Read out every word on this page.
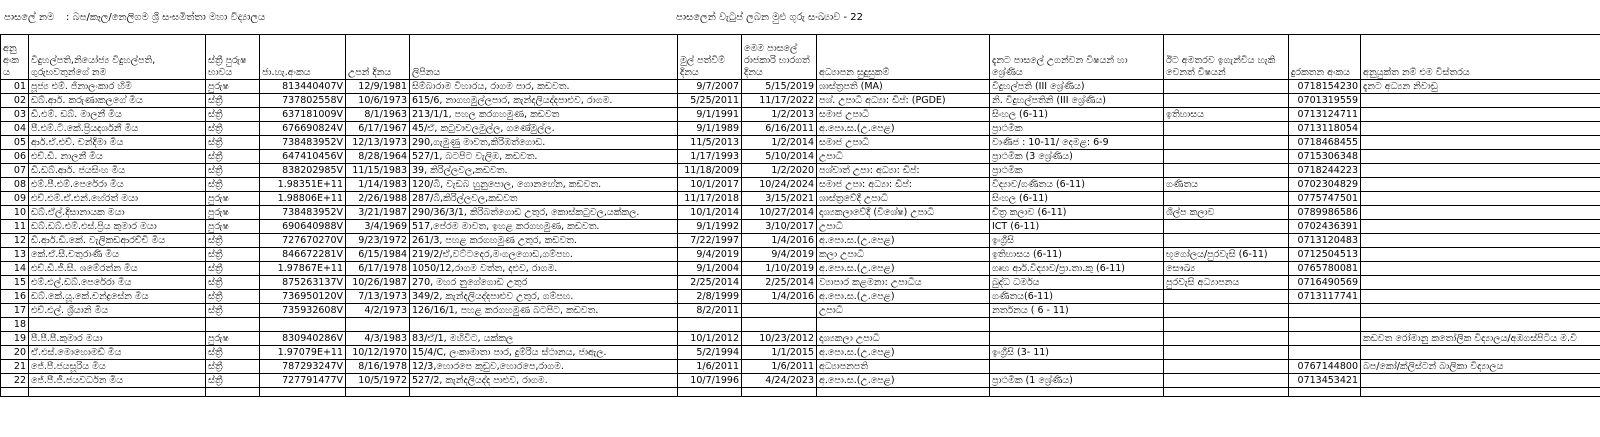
පාසලේ නම : බප/කෑල/නෙලිගම ශ්‍රී සංඝමිත්තා මහා විද්‍යාලය	පාසලෙන් වැටුප් ලබන මුළු ගුරු සංඛ්‍යාව - 22
අනු අංක ය	විදුහල්පති,නියෝජ්‍ය විදුහල්පති, ගුරුභවතුන්ගේ නම	ස්ත්‍රී පුරුෂ භාවය	ජා.හැ.අංකය	උපන් දිනය	ලිපිනය	මුල් පත්වීම් දිනය	මෙම පාසලේ රාජකාරි භාරගත් දිනය	අධ්‍යාපන සුදුසුකම්	දැනට පාසලේ උගන්වන විෂයන් හා ශ්‍රේණිය	ඊට අමතරව ඉගැන්විය හැකි වෙනත් විෂයන්	දුරකතන අංකය	අනුයුක්ත නම් එම විස්තරය
01	පූජ්‍ය එම්. ජිනාලංකාර හිමි	පුරුෂ	813440407V	12/9/1981	සිම්බාරාම විහාරය, රාගම පාර, කඩවත.	9/7/2007	5/15/2019	ශාස්ත්‍රපති (MA)	විදුහල්පති (III ශ්‍රේණිය)		0718154230	දැනට අධ්‍යන නිවාඩු
02	ඩබ්.ආර්. කරුණාකලගේ මිය	ස්ත්‍රී	737802558V	10/6/1973	615/6, නාගහමුල්ලපාර, කැන්දලියද්දපාළුව, රාගම.	5/25/2011	11/17/2022	පශ්. උපාධි අධ්‍යා: ඩිප්: (PGDE)	නි. විදුහල්පතිනි (III ශ්‍රේණිය)		0701319559	
03	ඩී.එම්. ඩබ්. මාලනී මිය	ස්ත්‍රී	637181009V	8/1/1963	213/1/1, පහල කරගහමුණ, කඩවත	9/1/1991	1/2/2013	සමාජ උපාධි	සිංහල (6-11)	ඉතිහාසය	0713124711	
04	පී.එම්.ටී.කේ.ප්‍රියදර්ශනී මිය	ස්ත්‍රී	676690824V	6/17/1967	45/ඒ, කටුවාවලමුල්ල, ගණේමුල්ල.	9/1/1989	6/16/2011	අ.පො.ස.(උ.පෙළ)	ප්‍රාථමික		0713118054	
05	ආර්.ඒ.එච්. චන්දිමා මිය	ස්ත්‍රී	738483952V	12/13/1973	290,ගැමුණු මාවත,කිරිඹත්ගොඩ.	11/5/2013	1/2/2014	සමාජ උපාධි	වාණිජ : 10-11/ දෙමළ: 6-9		0718468455	
06	එච්.ඩී. නාලනී මිය	ස්ත්‍රී	647410456V	8/28/1964	527/1, බටපිට වැලිඹ, කඩවත.	1/17/1993	5/10/2014	උපාධි	ප්‍රාථමික (3 ශ්‍රේණිය)		0715306348	
07	ඩී.ඩබ්.ආර්. ජයසිංහ මිය	ස්ත්‍රී	838202985V	11/15/1983	39, කිරිල්ලවල,කඩවත.	11/18/2009	1/2/2020	පශ්චාත් උපා: අධ්‍යා: ඩිප්:	ප්‍රාථමික		0718244223	
08	එම්.පී.එම්.පෙරේරා මිය	ස්ත්‍රී	1.98351E+11	1/14/1983	120/බී, වැඩබ හුනුපොල, ගොනහේන, කඩවත.	10/1/2017	10/24/2024	සමාජ උපා: අධ්‍යා: ඩිප්:	විද්‍යාව/ගණිතය (6-11)	ගණිතය	0702304829	
09	එච්.එම්.ඒ.එන්.හේරත් මයා	පුරුෂ	1.98806E+11	2/26/1988	287/බී,කිරිල්ලවල,කඩවත	11/17/2018	3/15/2021	ශාස්ත්‍රවේදී උපාධි	සිංහල (6-11)		0775747501	
10	ඩබ්.ඒල්.දිසානායක මයා	පුරුෂ	738483952V	3/21/1987	290/36/3/1, කිරිබත්ගොඩ උතුර, කොස්කටුවල,යක්කල.	10/1/2014	10/27/2014	දෘශ්‍යකලාවේදී (විශේෂ) උපාධි	චිත්‍ර කලාව (6-11)	ශිල්ප කලාව	0789986586	
11	ඩබ්.ඩබ්.එම්.එස්.ප්‍රිය කුමාර මයා	පුරුෂ	690640988V	3/4/1969	517,පේරම මාවත, ඉහළ කරගහමුණ, කඩවත.	9/1/1992	3/10/2017	උපාධි	ICT (6-11)		0702436391	
12	ඩී.ආර්.ඩී.කේ. වැලිකඩආරච්චි මිය	ස්ත්‍රී	727670270V	9/23/1972	261/3, පහළ කරගහමුණ උතුර, කඩවත.	7/22/1997	1/4/2016	අ.පො.ස.(උ.පෙළ)	ඉංග්‍රීසි		0713120483	
13	කේ.ඒ.සී.චතුරාණි මිය	ස්ත්‍රී	846672281V	6/15/1984	219/2/ඒ,වට්ටදෙර,මංගලගොඩ,ගම්පහ.	9/4/2019	9/4/2019	කලා උපාධි	ඉතිහාසය (6-11)	භූගෝලය/පුරවැසි (6-11)	0712504513	
14	එච්.ඩී.ජී.සී. ශමේරත්න මිය	ස්ත්‍රී	1.97867E+11	6/17/1978	1050/12,රාගම වත්ත, දළුව, රාගම.	9/1/2004	1/10/2019	අ.පො.ස.(උ.පෙළ)	ගෘහ ආර්.විද්‍යාව/ප්‍රා.තා.කු (6-11)	සෞඛ්‍ය	0765780081	
15	එම්.එල්.ඩබ්.පෙරේරා මිය	ස්ත්‍රී	875263137V	10/26/1987	270, මහර නුගේගොඩ උතුර	2/25/2014	2/25/2014	ව්‍යාපාර කළමනා: උපාධිය	බුද්ධ ධර්මය	පුරවැසි අධ්‍යාපනය	0716490569	
16	ඩබ්.කේ.යූ.කේ.චන්ද්‍රසේන මිය	ස්ත්‍රී	736950120V	7/13/1973	349/2, කැන්දලියද්දපාළුව උතුර, ගම්පහ.	2/8/1999	1/4/2016	අ.පො.ස.(උ.පෙළ)	ගණිතය(6-11)		0713117741	
17	එච්.එල්. ශ්‍රියානි මිය	ස්ත්‍රී	735932608V	4/2/1973	126/16/1, පහළ කරගහමුණ බටපිට, කඩවත.	8/2/2011		උපාධි	නර්තනය ( 6 - 11)			
18												
19	පී.පී.පී.කුමාර මයා	පුරුෂ	830940286V	4/3/1983	83/ඒ/1, මහිවිට, යක්කල	10/1/2012	10/23/2012	දෘශ්‍යකලා උපාධි				කඩවත රෝමානු කතෝලික විද්‍යාලය/අඹගස්පිටිය ම.වි
20	ඒ.එස්.මොහොමඩ් මිය	ස්ත්‍රී	1.97079E+11	10/12/1970	15/4/C, ලංකාමාතා පාර, දුම්රිය ස්ථානය, ජාඇල.	5/2/1994	1/1/2015	අ.පො.ස.(උ.පෙළ)	ඉංග්‍රීසි (3- 11)			
21	ජේ.පී.ජයසූරිය මිය	ස්ත්‍රී	787293247V	8/16/1978	12/3,හොරපෙ කුඩුව,හොරපෙ,රාගම.	1/6/2011	1/6/2011	අධ්‍යාපනපති			0767144800	බප/කෝ/ක්ලිස්ටන් බාලිකා විද්‍යාලය
22	ජේ.පී.ජී.ජයවර්ධන මිය	ස්ත්‍රී	727791477V	10/5/1972	527/2, කැන්දලියද්ද පාළුව, රාගම.	10/7/1996	4/24/2023	අ.පො.ස.(උ.පෙළ)	ප්‍රාථමික (1 ශ්‍රේණිය)		0713453421	
